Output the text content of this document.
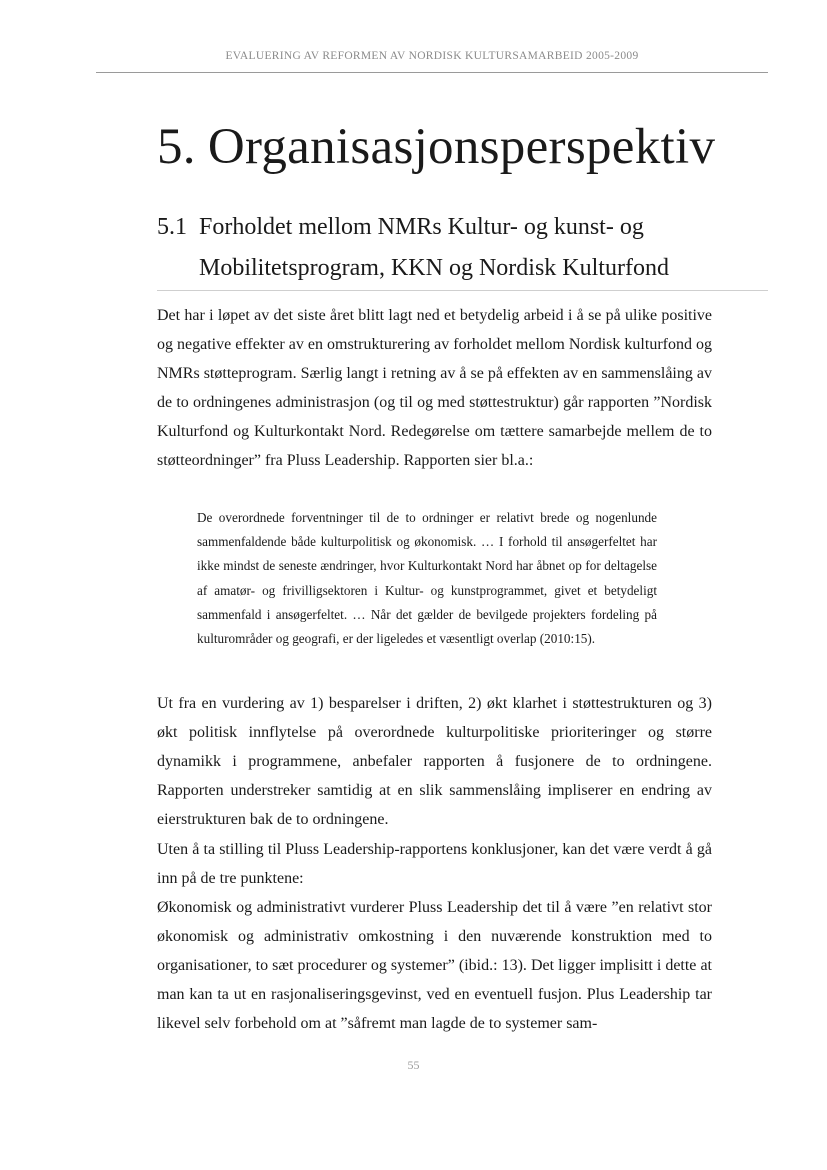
EVALUERING AV REFORMEN AV NORDISK KULTURSAMARBEID 2005-2009
5. Organisasjonsperspektiv
5.1 Forholdet mellom NMRs Kultur- og kunst- og
Mobilitetsprogram, KKN og Nordisk Kulturfond

Det har i løpet av det siste året blitt lagt ned et betydelig arbeid i å se på ulike positive og negative effekter av en omstrukturering av forholdet mellom Nordisk kulturfond og NMRs støtteprogram. Særlig langt i retning av å se på effekten av en sammenslåing av de to ordningenes administrasjon (og til og med støttestruktur) går rapporten ”Nordisk Kulturfond og Kulturkontakt Nord. Redegørelse om tættere samarbejde mellem de to støtteordninger” fra Pluss Leadership. Rapporten sier bl.a.:

De overordnede forventninger til de to ordninger er relativt brede og nogenlunde sammenfaldende både kulturpolitisk og økonomisk. … I forhold til ansøgerfeltet har ikke mindst de seneste ændringer, hvor Kulturkontakt Nord har åbnet op for deltagelse af amatør- og frivilligsektoren i Kultur- og kunstprogrammet, givet et betydeligt sammenfald i ansøgerfeltet. … Når det gælder de bevilgede projekters fordeling på kulturområder og geografi, er der ligeledes et væsentligt overlap (2010:15).

Ut fra en vurdering av 1) besparelser i driften, 2) økt klarhet i støttestrukturen og 3) økt politisk innflytelse på overordnede kulturpolitiske prioriteringer og større dynamikk i programmene, anbefaler rapporten å fusjonere de to ordningene. Rapporten understreker samtidig at en slik sammenslåing impliserer en endring av eierstrukturen bak de to ordningene.

Uten å ta stilling til Pluss Leadership-rapportens konklusjoner, kan det være verdt å gå inn på de tre punktene:

Økonomisk og administrativt vurderer Pluss Leadership det til å være ”en relativt stor økonomisk og administrativ omkostning i den nuværende konstruktion med to organisationer, to sæt procedurer og systemer” (ibid.: 13). Det ligger implisitt i dette at man kan ta ut en rasjonaliseringsgevinst, ved en eventuell fusjon. Plus Leadership tar likevel selv forbehold om at ”såfremt man lagde de to systemer sam-

55
